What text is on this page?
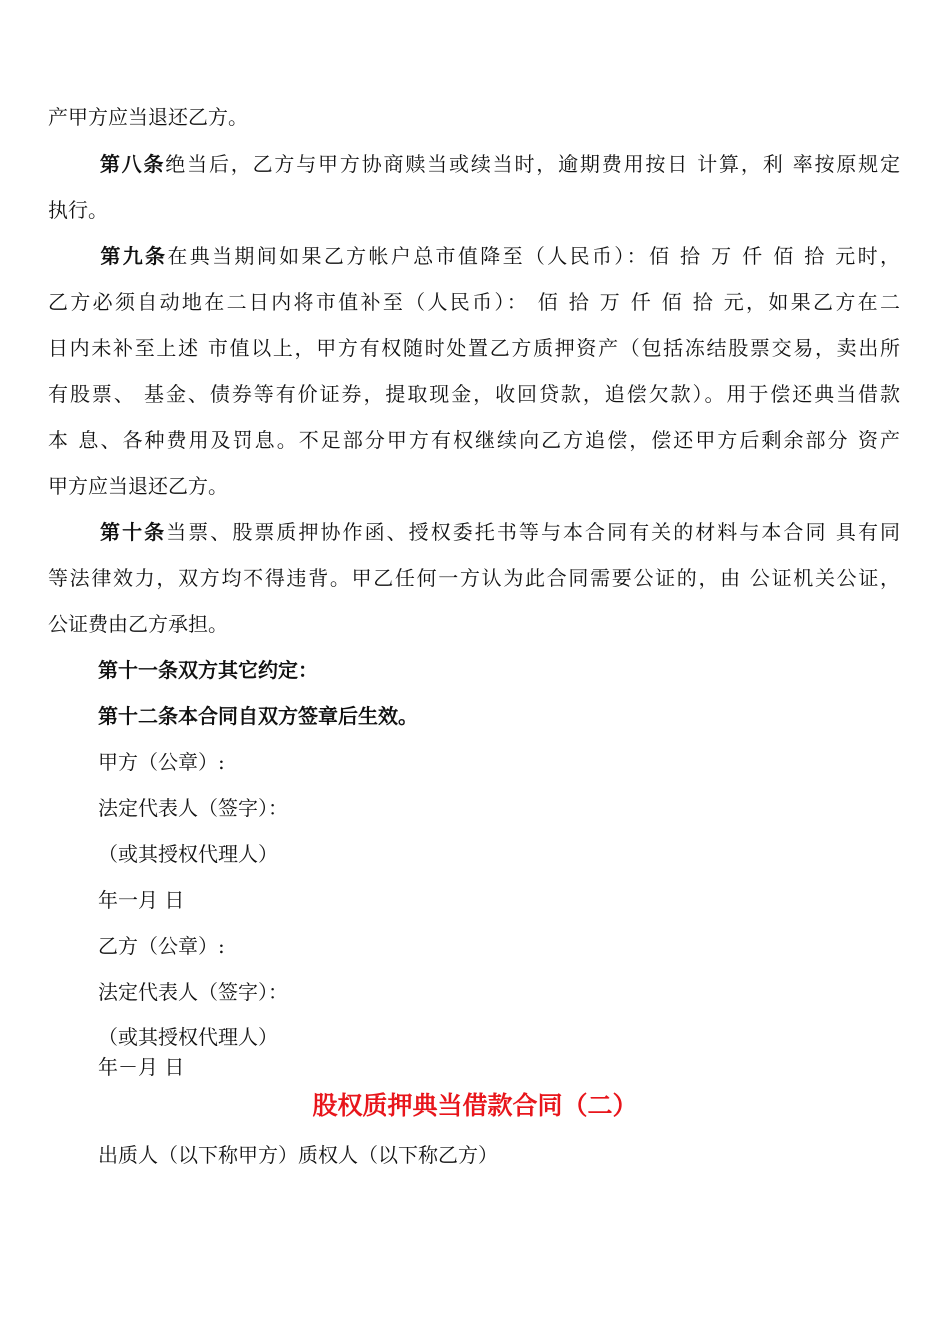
产甲方应当退还乙方。
第八条绝当后，乙方与甲方协商赎当或续当时，逾期费用按日 计算，利 率按原规定
执行。
第九条在典当期间如果乙方帐户总市值降至（人民币）：佰 拾 万 仟 佰 拾 元时，
乙方必须自动地在二日内将市值补至（人民币）： 佰 拾 万 仟 佰 拾 元，如果乙方在二
日内未补至上述 市值以上，甲方有权随时处置乙方质押资产（包括冻结股票交易，卖出所
有股票、 基金、债券等有价证券，提取现金，收回贷款，追偿欠款）。用于偿还典当借款
本 息、各种费用及罚息。不足部分甲方有权继续向乙方追偿，偿还甲方后剩余部分 资产
甲方应当退还乙方。
第十条当票、股票质押协作函、授权委托书等与本合同有关的材料与本合同 具有同
等法律效力，双方均不得违背。甲乙任何一方认为此合同需要公证的，由 公证机关公证，
公证费由乙方承担。
第十一条双方其它约定：
第十二条本合同自双方签章后生效。
甲方（公章）:
法定代表人（签字）：
（或其授权代理人）
年一月 日
乙方（公章）:
法定代表人（签字）：
（或其授权代理人）
年－月 日
股权质押典当借款合同（二）
出质人（以下称甲方）质权人（以下称乙方）
